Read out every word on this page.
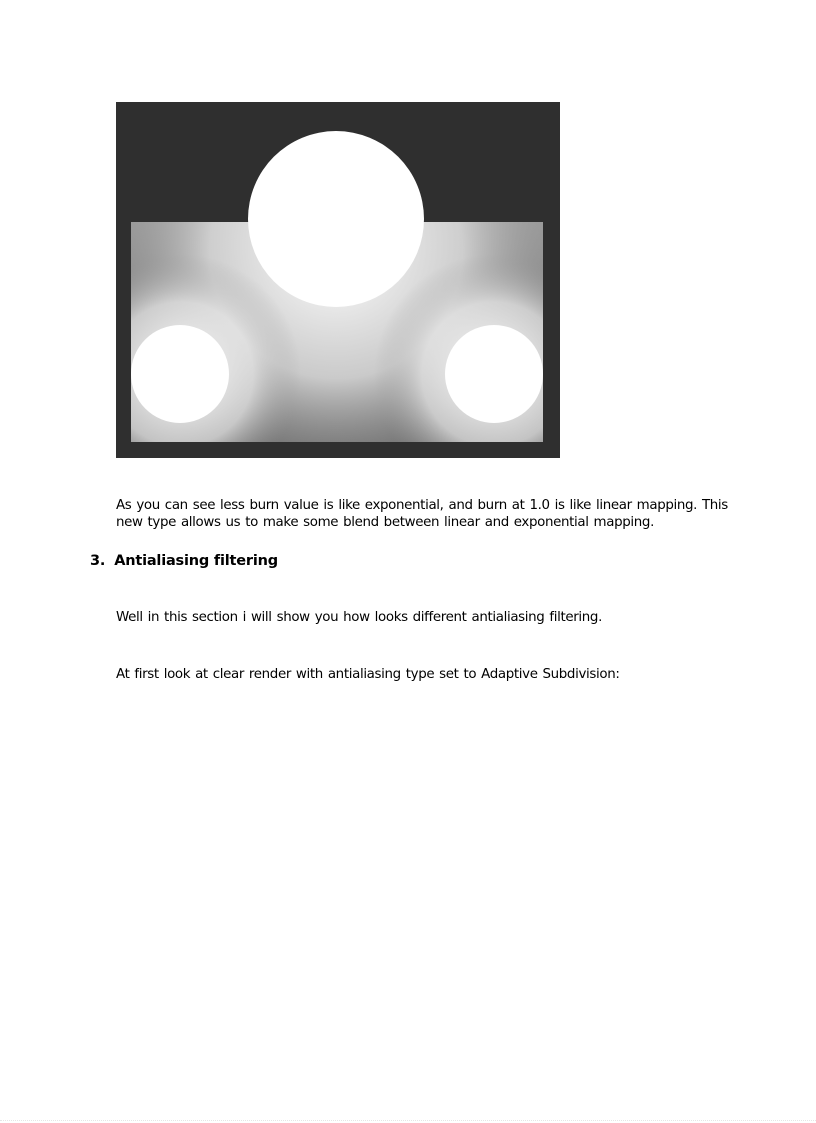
As you can see less burn value is like exponential, and burn at 1.0 is like linear mapping. This new type allows us to make some blend between linear and exponential mapping.

3. Antialiasing filtering

Well in this section i will show you how looks different antialiasing filtering.

At first look at clear render with antialiasing type set to Adaptive Subdivision:
